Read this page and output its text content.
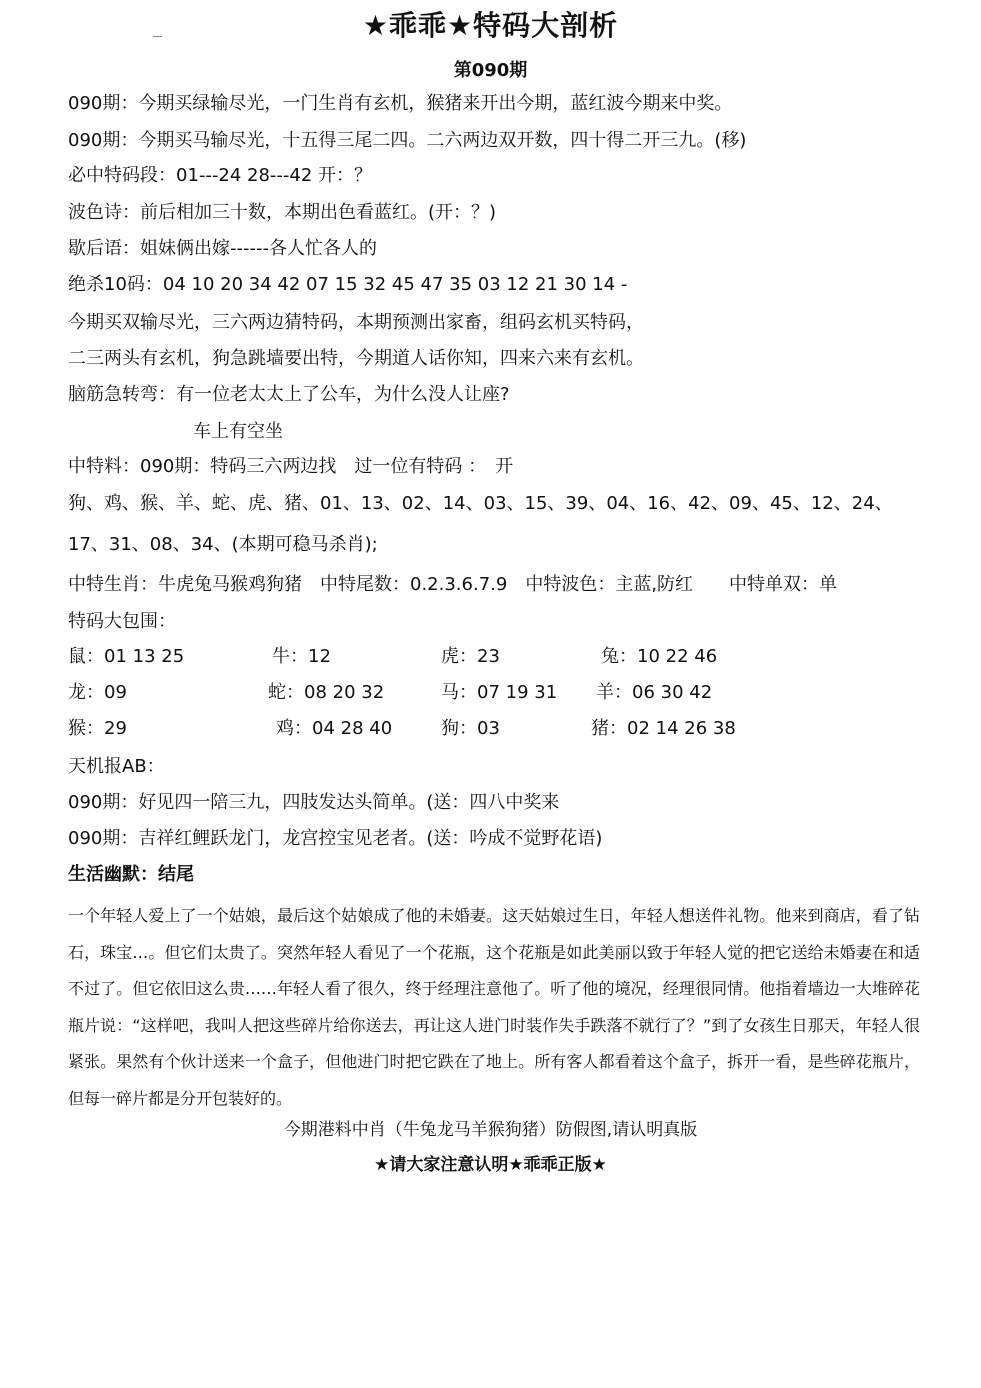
★乖乖★特码大剖析
第090期
090期：今期买绿输尽光，一门生肖有玄机，猴猪来开出今期，蓝红波今期来中奖。
090期：今期买马输尽光，十五得三尾二四。二六两边双开数，四十得二开三九。(移)
必中特码段：01---24 28---42 开：？
波色诗：前后相加三十数，本期出色看蓝红。(开：？)
歇后语：姐妹俩出嫁------各人忙各人的
绝杀10码：04 10 20 34 42 07 15 32 45 47 35 03 12 21 30 14 -
今期买双输尽光，三六两边猜特码，本期预测出家畜，组码玄机买特码，
二三两头有玄机，狗急跳墙要出特，今期道人话你知，四来六来有玄机。
脑筋急转弯：有一位老太太上了公车，为什么没人让座?
车上有空坐
中特料：090期：特码三六两边找　过一位有特码 ：　开
狗、鸡、猴、羊、蛇、虎、猪、01、13、02、14、03、15、39、04、16、42、09、45、12、24、
17、31、08、34、(本期可稳马杀肖);
中特生肖：牛虎兔马猴鸡狗猪　中特尾数：0.2.3.6.7.9　中特波色：主蓝,防红　　中特单双：单
特码大包围：
鼠：01 13 25	牛：12	虎：23	兔：10 22 46
龙：09	蛇：08 20 32	马：07 19 31 羊：06 30 42
猴：29	鸡：04 28 40	狗：03	猪：02 14 26 38
天机报AB：
090期：好见四一陪三九，四肢发达头简单。(送：四八中奖来
090期：吉祥红鲤跃龙门，龙宫控宝见老者。(送：吟成不觉野花语)
生活幽默：结尾
一个年轻人爱上了一个姑娘，最后这个姑娘成了他的未婚妻。这天姑娘过生日，年轻人想送件礼物。他来到商店，看了钻石，珠宝…。但它们太贵了。突然年轻人看见了一个花瓶，这个花瓶是如此美丽以致于年轻人觉的把它送给未婚妻在和适不过了。但它依旧这么贵……年轻人看了很久，终于经理注意他了。听了他的境况，经理很同情。他指着墙边一大堆碎花瓶片说：“这样吧，我叫人把这些碎片给你送去，再让这人进门时装作失手跌落不就行了？”到了女孩生日那天，年轻人很紧张。果然有个伙计送来一个盒子，但他进门时把它跌在了地上。所有客人都看着这个盒子，拆开一看，是些碎花瓶片，但每一碎片都是分开包装好的。
今期港料中肖（牛兔龙马羊猴狗猪）防假图,请认明真版
★请大家注意认明★乖乖正版★
